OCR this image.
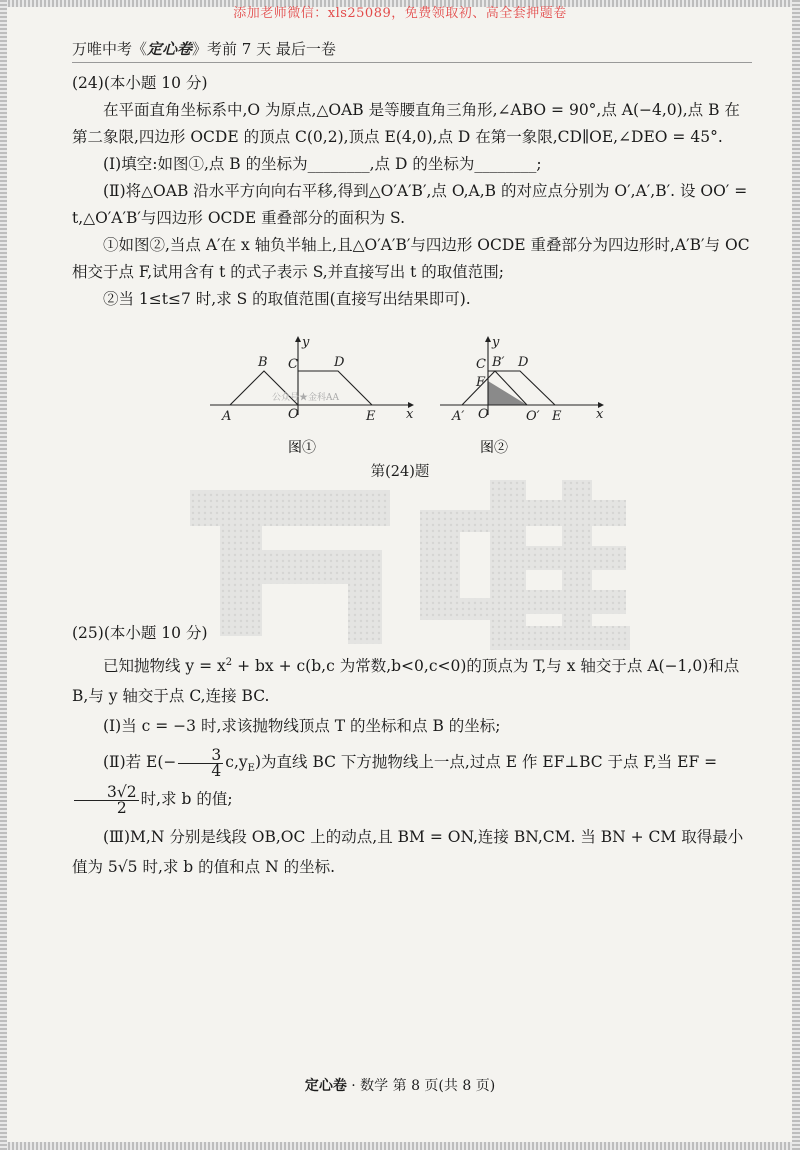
添加老师微信：xls25089，免费领取初、高全套押题卷
万唯中考《定心卷》考前 7 天 最后一卷

(24)(本小题 10 分)

在平面直角坐标系中,O 为原点,△OAB 是等腰直角三角形,∠ABO = 90°,点 A(−4,0),点 B 在第二象限,四边形 OCDE 的顶点 C(0,2),顶点 E(4,0),点 D 在第一象限,CD∥OE,∠DEO = 45°.

(Ⅰ)填空:如图①,点 B 的坐标为________,点 D 的坐标为________;

(Ⅱ)将△OAB 沿水平方向向右平移,得到△O′A′B′,点 O,A,B 的对应点分别为 O′,A′,B′. 设 OO′ = t,△O′A′B′与四边形 OCDE 重叠部分的面积为 S.

①如图②,当点 A′在 x 轴负半轴上,且△O′A′B′与四边形 OCDE 重叠部分为四边形时,A′B′与 OC 相交于点 F,试用含有 t 的式子表示 S,并直接写出 t 的取值范围;

②当 1≤t≤7 时,求 S 的取值范围(直接写出结果即可).

B C	D
A	O	E x
y
公众号★金科AA
C B′ D
F
A′ O	O′ E	x
y
图①	图②
第(24)题

(25)(本小题 10 分)

已知抛物线 $y = x^2$ + bx + c(b,c 为常数,b<0,c<0)的顶点为 T,与 x 轴交于点 A(−1,0)和点 B,与 y 轴交于点 C,连接 BC.

(Ⅰ)当 c = −3 时,求该抛物线顶点 T 的坐标和点 B 的坐标;

(Ⅱ)若 $E(- \frac{3}{4} c,y_E)$为直线 BC 下方抛物线上一点,过点 E 作 EF⊥BC 于点 F,当 EF =
$\frac{3√2}{2}$ 时,求 b 的值;

(Ⅲ)M,N 分别是线段 OB,OC 上的动点,且 BM = ON,连接 BN,CM. 当 BN + CM 取得最小值为 5√5 时,求 b 的值和点 N 的坐标.

定心卷 · 数学 第 8 页(共 8 页)
